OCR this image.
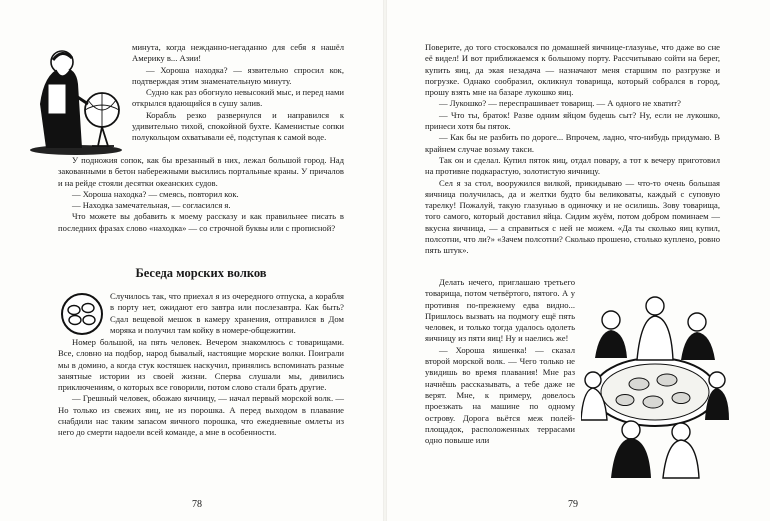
минута, когда нежданно-негаданно для себя я нашёл Америку в... Азии!

— Хороша находка? — язвительно спросил кок, подтверждая этим знаменательную минуту.

Судно как раз обогнуло невысокий мыс, и перед нами открылся вдающийся в сушу залив.

Корабль резко развернулся и направился к удивительно тихой, спокойной бухте. Каменистые сопки полукольцом охватывали её, подступая к самой воде.

У подножия сопок, как бы врезанный в них, лежал большой город. Над закованными в бетон набережными высились портальные краны. У причалов и на рейде стояли десятки океанских судов.

— Хороша находка? — смеясь, повторил кок.

— Находка замечательная, — согласился я.

Что можете вы добавить к моему рассказу и как правильнее писать в последних фразах слово «находка» — со строчной буквы или с прописной?

Беседа морских волков

Случилось так, что приехал я из очередного отпуска, а корабля в порту нет, ожидают его завтра или послезавтра. Как быть? Сдал вещевой мешок в камеру хранения, отправился в Дом моряка и получил там койку в номере-общежитии.

Номер большой, на пять человек. Вечером знакомлюсь с товарищами. Все, словно на подбор, народ бывалый, настоящие морские волки. Поиграли мы в домино, а когда стук костяшек наскучил, принялись вспоминать разные занятные истории из своей жизни. Сперва слушали мы, дивились приключениям, о которых все говорили, потом слово стали брать другие.

— Грешный человек, обожаю яичницу, — начал первый морской волк. — Но только из свежих яиц, не из порошка. А перед выходом в плавание снабдили нас таким запасом яичного порошка, что ежедневные омлеты из него до смерти надоели всей команде, а мне в особенности.

78

Поверите, до того стосковался по домашней яичнице-глазунье, что даже во сне её видел! И вот приближаемся к большому порту. Рассчитываю сойти на берег, купить яиц, да экая незадача — назначают меня старшим по разгрузке и погрузке. Однако сообразил, окликнул товарища, который собрался в город, прошу взять мне на базаре лукошко яиц.

— Лукошко? — переспрашивает товарищ. — А одного не хватит?

— Что ты, браток! Разве одним яйцом будешь сыт? Ну, если не лукошко, принеси хотя бы пяток.

— Как бы не разбить по дороге... Впрочем, ладно, что-нибудь придумаю. В крайнем случае возьму такси.

Так он и сделал. Купил пяток яиц, отдал повару, а тот к вечеру приготовил на противне подкарастую, золотистую яичницу.

Сел я за стол, вооружился вилкой, прикидываю — что-то очень большая яичница получилась, да и желтки будто бы великоваты, каждый с суповую тарелку! Пожалуй, такую глазунью в одиночку и не осилишь. Зову товарища, того самого, который доставил яйца. Сидим жуём, потом добром поминаем — вкусна яичница, — а справиться с ней не можем. «Да ты сколько яиц купил, полсотни, что ли?» «Зачем полсотни? Сколько прошено, столько куплено, ровно пять штук».

Делать нечего, приглашаю третьего товарища, потом четвёртого, пятого. А у противня по-прежнему едва видно... Пришлось вызвать на подмогу ещё пять человек, и только тогда удалось одолеть яичницу из пяти яиц! Ну и наелись же!

— Хороша яишенка! — сказал второй морской волк. — Чего только не увидишь во время плавания! Мне раз начнёшь рассказывать, а тебе даже не верят. Мне, к примеру, довелось проезжать на машине по одному острову. Дорога вьётся меж полей-площадок, расположенных террасами одно повыше или

79
